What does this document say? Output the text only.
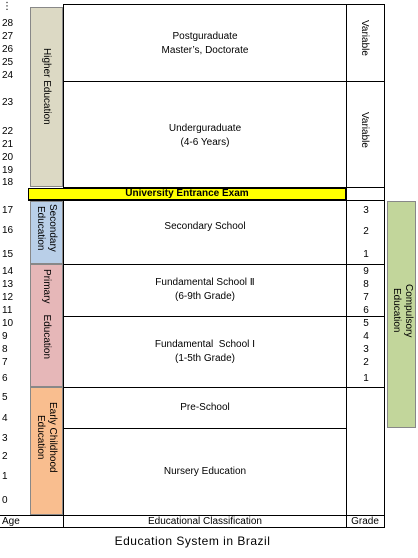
⋮
28
27
26
25
24
23
22
21
20
19
18
17
16
15
14
13
12
11
10
9
8
7
6
5
4
3
2
1
0
Higher Education
Secondary
Education
Primary    Education
Early Childhood
Education
University Entrance Exam
Postguraduate
Master’s, Doctorate
Underguraduate
(4-6 Years)
Secondary School
Fundamental School Ⅱ
(6-9th Grade)
Fundamental  School Ⅰ
(1-5th Grade)
Pre-School
Nursery Education
Variable
Variable
3
2
1
9
8
7
6
5
4
3
2
1
Compulsory
Education
Age	Educational Classification	Grade
Education System in Brazil
